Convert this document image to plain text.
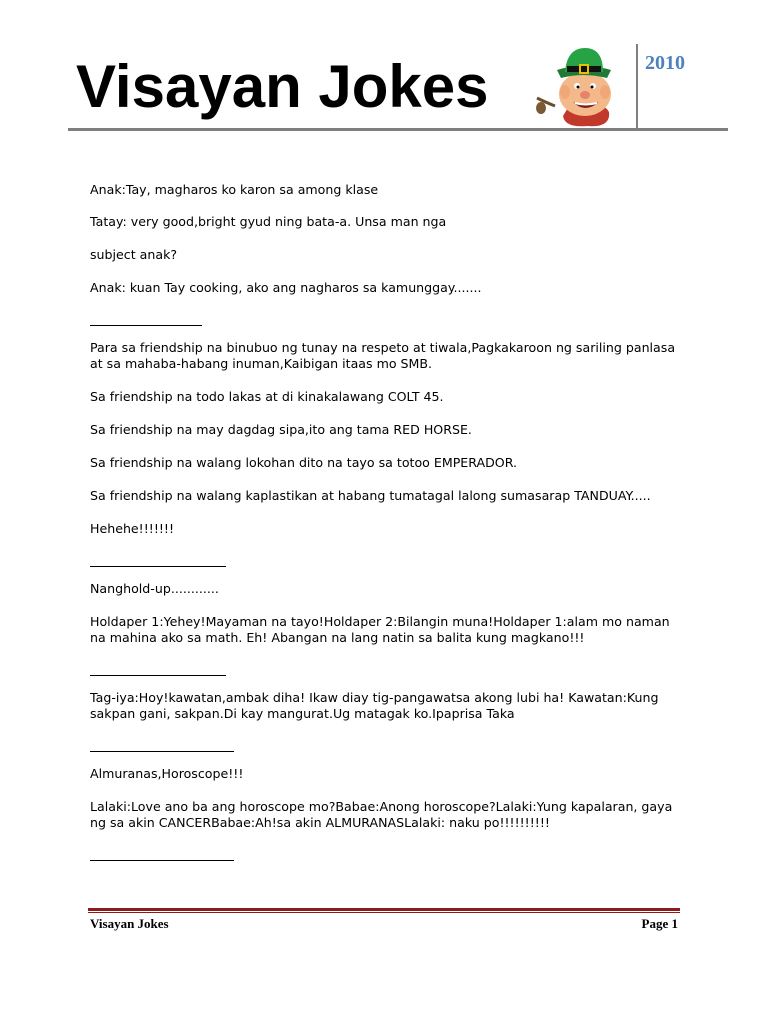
Visayan Jokes	2010

Anak:Tay, magharos ko karon sa among klase

Tatay: very good,bright gyud ning bata-a. Unsa man nga

subject anak?

Anak: kuan Tay cooking, ako ang nagharos sa kamunggay.......

Para sa friendship na binubuo ng tunay na respeto at tiwala,Pagkakaroon ng sariling panlasa at sa mahaba-habang inuman,Kaibigan itaas mo SMB.

Sa friendship na todo lakas at di kinakalawang COLT 45.

Sa friendship na may dagdag sipa,ito ang tama RED HORSE.

Sa friendship na walang lokohan dito na tayo sa totoo EMPERADOR.

Sa friendship na walang kaplastikan at habang tumatagal lalong sumasarap TANDUAY.....

Hehehe!!!!!!!

Nanghold-up............

Holdaper 1:Yehey!Mayaman na tayo!Holdaper 2:Bilangin muna!Holdaper 1:alam mo naman na mahina ako sa math. Eh! Abangan na lang natin sa balita kung magkano!!!

Tag-iya:Hoy!kawatan,ambak diha! Ikaw diay tig-pangawatsa akong lubi ha! Kawatan:Kung sakpan gani, sakpan.Di kay mangurat.Ug matagak ko.Ipaprisa Taka

Almuranas,Horoscope!!!

Lalaki:Love ano ba ang horoscope mo?Babae:Anong horoscope?Lalaki:Yung kapalaran, gaya ng sa akin CANCERBabae:Ah!sa akin ALMURANASLalaki: naku po!!!!!!!!!!

Visayan Jokes	Page 1
